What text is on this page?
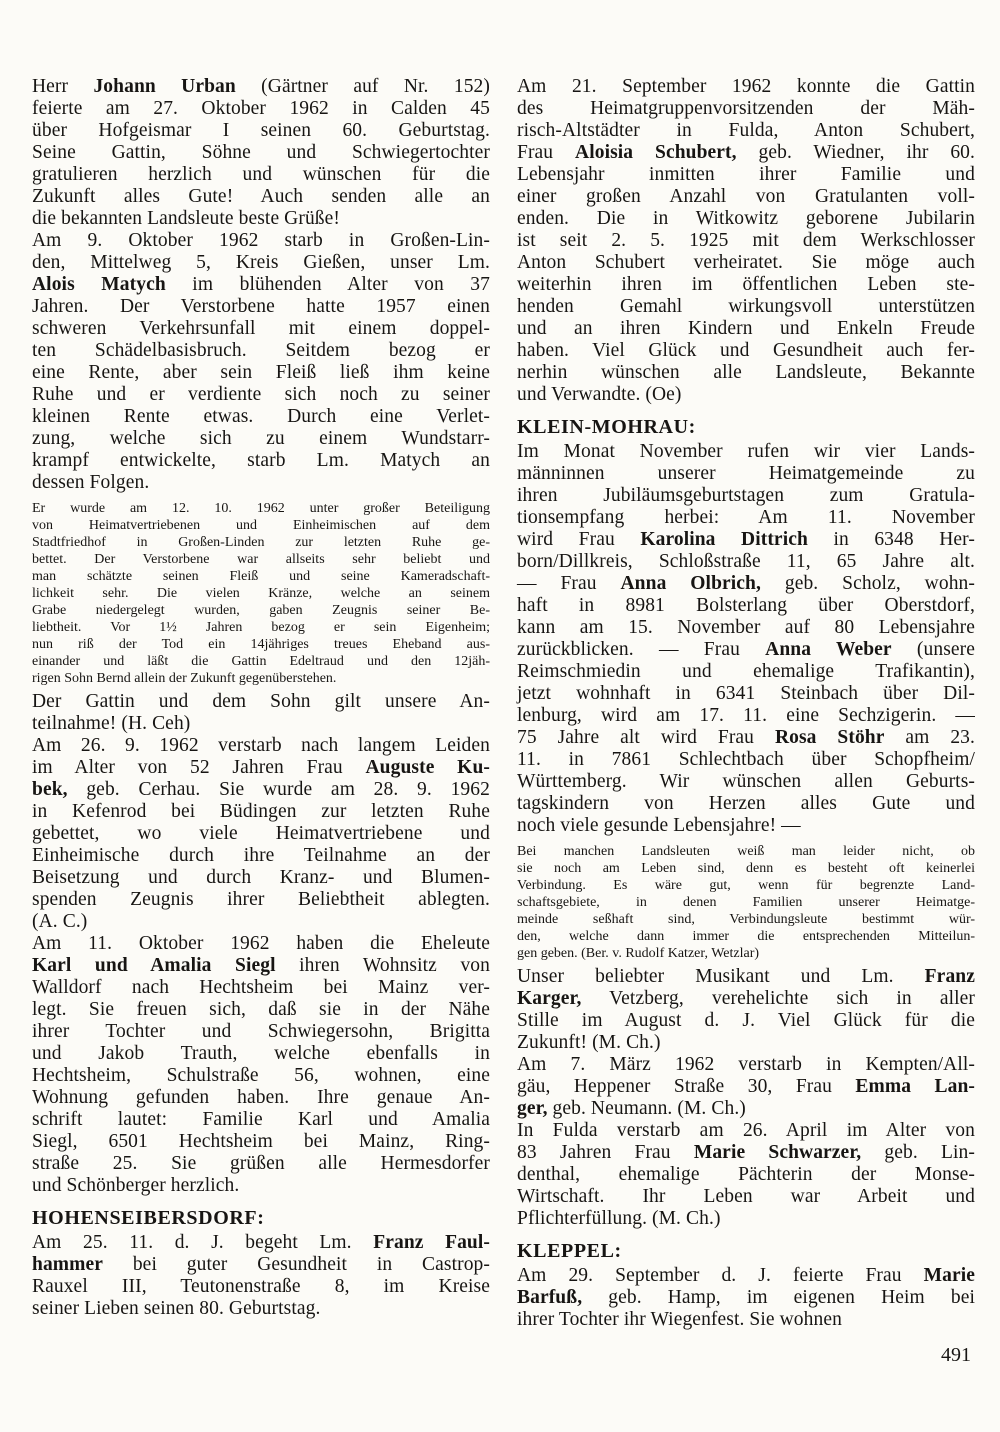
Herr Johann Urban (Gärtner auf Nr. 152)
feierte am 27. Oktober 1962 in Calden 45
über Hofgeismar I seinen 60. Geburtstag.
Seine Gattin, Söhne und Schwiegertochter
gratulieren herzlich und wünschen für die
Zukunft alles Gute! Auch senden alle an
die bekannten Landsleute beste Grüße!
Am 9. Oktober 1962 starb in Großen-Lin-
den, Mittelweg 5, Kreis Gießen, unser Lm.
Alois Matych im blühenden Alter von 37
Jahren. Der Verstorbene hatte 1957 einen
schweren Verkehrsunfall mit einem doppel-
ten Schädelbasisbruch. Seitdem bezog er
eine Rente, aber sein Fleiß ließ ihm keine
Ruhe und er verdiente sich noch zu seiner
kleinen Rente etwas. Durch eine Verlet-
zung, welche sich zu einem Wundstarr-
krampf entwickelte, starb Lm. Matych an
dessen Folgen.
Er wurde am 12. 10. 1962 unter großer Beteiligung
von Heimatvertriebenen und Einheimischen auf dem
Stadtfriedhof in Großen-Linden zur letzten Ruhe ge-
bettet. Der Verstorbene war allseits sehr beliebt und
man schätzte seinen Fleiß und seine Kameradschaft-
lichkeit sehr. Die vielen Kränze, welche an seinem
Grabe niedergelegt wurden, gaben Zeugnis seiner Be-
liebtheit. Vor 1½ Jahren bezog er sein Eigenheim;
nun riß der Tod ein 14jähriges treues Eheband aus-
einander und läßt die Gattin Edeltraud und den 12jäh-
rigen Sohn Bernd allein der Zukunft gegenüberstehen.
Der Gattin und dem Sohn gilt unsere An-
teilnahme! (H. Ceh)
Am 26. 9. 1962 verstarb nach langem Leiden
im Alter von 52 Jahren Frau Auguste Ku-
bek, geb. Cerhau. Sie wurde am 28. 9. 1962
in Kefenrod bei Büdingen zur letzten Ruhe
gebettet, wo viele Heimatvertriebene und
Einheimische durch ihre Teilnahme an der
Beisetzung und durch Kranz- und Blumen-
spenden Zeugnis ihrer Beliebtheit ablegten.
(A. C.)
Am 11. Oktober 1962 haben die Eheleute
Karl und Amalia Siegl ihren Wohnsitz von
Walldorf nach Hechtsheim bei Mainz ver-
legt. Sie freuen sich, daß sie in der Nähe
ihrer Tochter und Schwiegersohn, Brigitta
und Jakob Trauth, welche ebenfalls in
Hechtsheim, Schulstraße 56, wohnen, eine
Wohnung gefunden haben. Ihre genaue An-
schrift lautet: Familie Karl und Amalia
Siegl, 6501 Hechtsheim bei Mainz, Ring-
straße 25. Sie grüßen alle Hermesdorfer
und Schönberger herzlich.
HOHENSEIBERSDORF:
Am 25. 11. d. J. begeht Lm. Franz Faul-
hammer bei guter Gesundheit in Castrop-
Rauxel III, Teutonenstraße 8, im Kreise
seiner Lieben seinen 80. Geburtstag.
Am 21. September 1962 konnte die Gattin
des Heimatgruppenvorsitzenden der Mäh-
risch-Altstädter in Fulda, Anton Schubert,
Frau Aloisia Schubert, geb. Wiedner, ihr 60.
Lebensjahr inmitten ihrer Familie und
einer großen Anzahl von Gratulanten voll-
enden. Die in Witkowitz geborene Jubilarin
ist seit 2. 5. 1925 mit dem Werkschlosser
Anton Schubert verheiratet. Sie möge auch
weiterhin ihren im öffentlichen Leben ste-
henden Gemahl wirkungsvoll unterstützen
und an ihren Kindern und Enkeln Freude
haben. Viel Glück und Gesundheit auch fer-
nerhin wünschen alle Landsleute, Bekannte
und Verwandte. (Oe)
KLEIN-MOHRAU:
Im Monat November rufen wir vier Lands-
männinnen unserer Heimatgemeinde zu
ihren Jubiläumsgeburtstagen zum Gratula-
tionsempfang herbei: Am 11. November
wird Frau Karolina Dittrich in 6348 Her-
born/Dillkreis, Schloßstraße 11, 65 Jahre alt.
— Frau Anna Olbrich, geb. Scholz, wohn-
haft in 8981 Bolsterlang über Oberstdorf,
kann am 15. November auf 80 Lebensjahre
zurückblicken. — Frau Anna Weber (unsere
Reimschmiedin und ehemalige Trafikantin),
jetzt wohnhaft in 6341 Steinbach über Dil-
lenburg, wird am 17. 11. eine Sechzigerin. —
75 Jahre alt wird Frau Rosa Stöhr am 23.
11. in 7861 Schlechtbach über Schopfheim/
Württemberg. Wir wünschen allen Geburts-
tagskindern von Herzen alles Gute und
noch viele gesunde Lebensjahre! —
Bei manchen Landsleuten weiß man leider nicht, ob
sie noch am Leben sind, denn es besteht oft keinerlei
Verbindung. Es wäre gut, wenn für begrenzte Land-
schaftsgebiete, in denen Familien unserer Heimatge-
meinde seßhaft sind, Verbindungsleute bestimmt wür-
den, welche dann immer die entsprechenden Mitteilun-
gen geben. (Ber. v. Rudolf Katzer, Wetzlar)
Unser beliebter Musikant und Lm. Franz
Karger, Vetzberg, verehelichte sich in aller
Stille im August d. J. Viel Glück für die
Zukunft! (M. Ch.)
Am 7. März 1962 verstarb in Kempten/All-
gäu, Heppener Straße 30, Frau Emma Lan-
ger, geb. Neumann. (M. Ch.)
In Fulda verstarb am 26. April im Alter von
83 Jahren Frau Marie Schwarzer, geb. Lin-
denthal, ehemalige Pächterin der Monse-
Wirtschaft. Ihr Leben war Arbeit und
Pflichterfüllung. (M. Ch.)
KLEPPEL:
Am 29. September d. J. feierte Frau Marie
Barfuß, geb. Hamp, im eigenen Heim bei
ihrer Tochter ihr Wiegenfest. Sie wohnen
491
